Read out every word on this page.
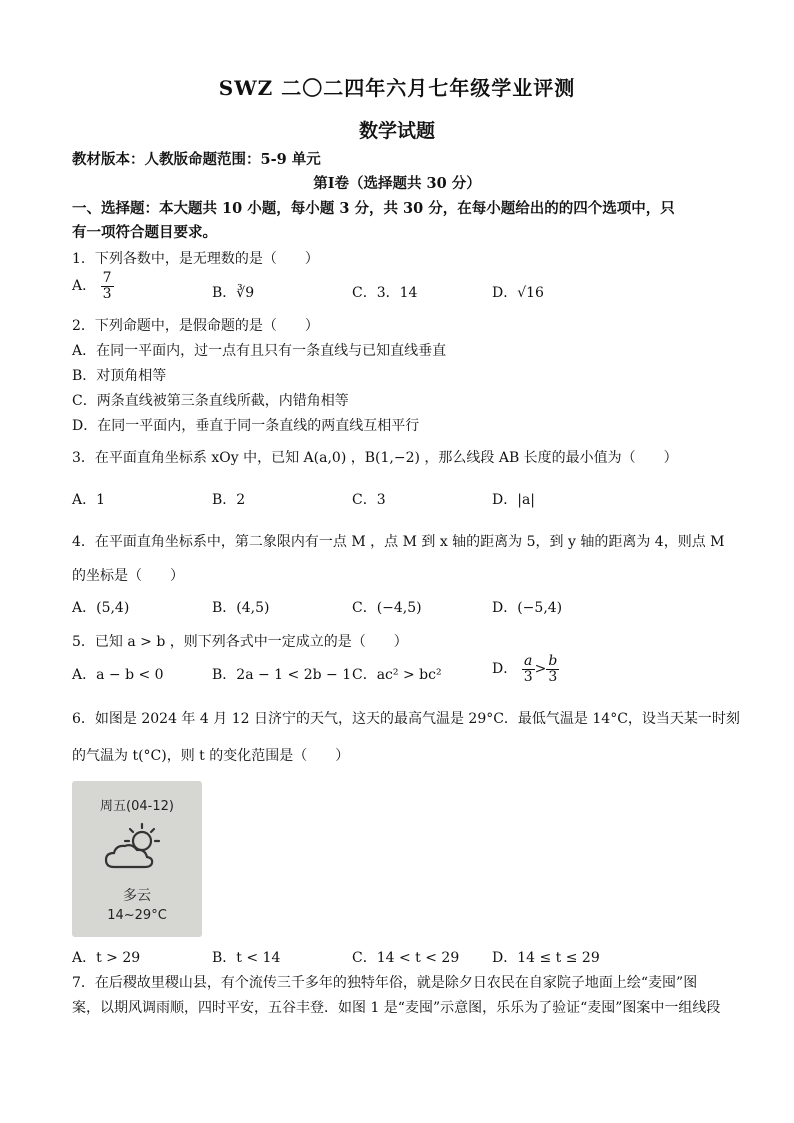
SWZ 二〇二四年六月七年级学业评测
数学试题
教材版本：人教版命题范围：5-9 单元
第Ⅰ卷（选择题共 30 分）
一、选择题：本大题共 10 小题，每小题 3 分，共 30 分，在每小题给出的的四个选项中，只
有一项符合题目要求。
1．下列各数中，是无理数的是（　　）
A． $\frac{7}{3}$	B．∛9	C．3．14	D．√16
2．下列命题中，是假命题的是（　　）
A．在同一平面内，过一点有且只有一条直线与已知直线垂直
B．对顶角相等
C．两条直线被第三条直线所截，内错角相等
D．在同一平面内，垂直于同一条直线的两直线互相平行
3．在平面直角坐标系 xOy 中，已知 A(a,0) ，B(1,−2) ，那么线段 AB 长度的最小值为（　　）
A．1	B．2	C．3	D．|a|
4．在平面直角坐标系中，第二象限内有一点 M ，点 M 到 x 轴的距离为 5，到 y 轴的距离为 4，则点 M
的坐标是（　　）
A．(5,4)	B．(4,5)	C．(−4,5)	D．(−5,4)
5．已知 a > b ，则下列各式中一定成立的是（　　）
A．a − b < 0	B．2a − 1 < 2b − 1 C．ac² > bc²	D． $\frac{a}{3} > \frac{b}{3}$
6．如图是 2024 年 4 月 12 日济宁的天气，这天的最高气温是 29°C．最低气温是 14°C，设当天某一时刻
的气温为 t(°C)，则 t 的变化范围是（　　）
周五(04-12)
多云
14~29°C
A．t > 29	B．t < 14	C．14 < t < 29 D．14 ≤ t ≤ 29
7．在后稷故里稷山县，有个流传三千多年的独特年俗，就是除夕日农民在自家院子地面上绘“麦囤”图
案，以期风调雨顺，四时平安，五谷丰登．如图 1 是“麦囤”示意图，乐乐为了验证“麦囤”图案中一组线段
